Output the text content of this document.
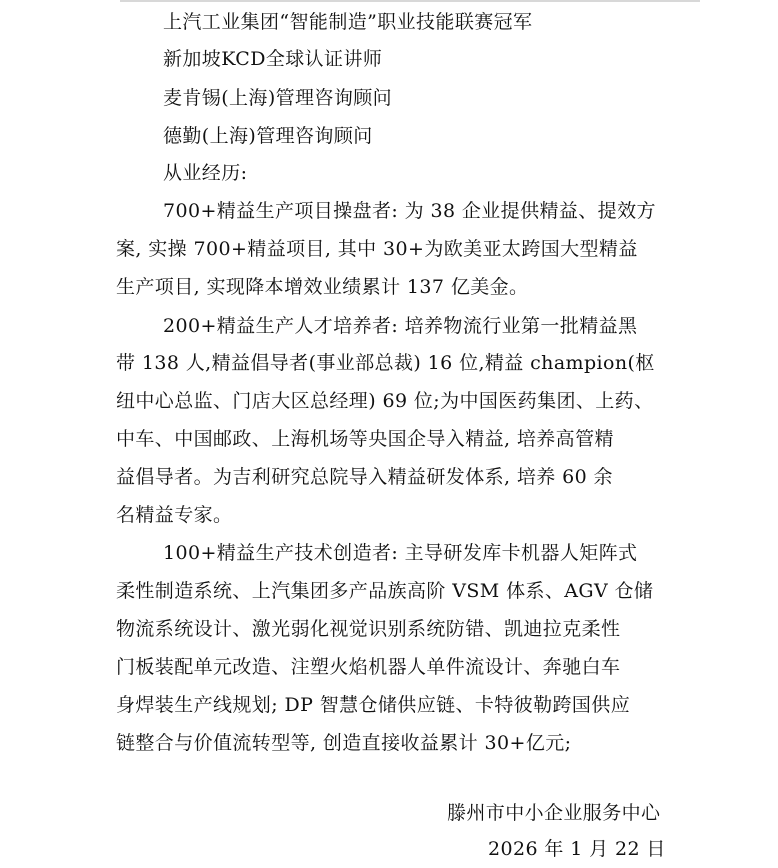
上汽工业集团“智能制造”职业技能联赛冠军
新加坡KCD全球认证讲师
麦肯锡(上海)管理咨询顾问
德勤(上海)管理咨询顾问
从业经历:
700+精益生产项目操盘者: 为 38 企业提供精益、提效方
案, 实操 700+精益项目, 其中 30+为欧美亚太跨国大型精益
生产项目, 实现降本增效业绩累计 137 亿美金。
200+精益生产人才培养者: 培养物流行业第一批精益黑
带 138 人,精益倡导者(事业部总裁) 16 位,精益 champion(枢
纽中心总监、门店大区总经理) 69 位;为中国医药集团、上药、
中车、中国邮政、上海机场等央国企导入精益, 培养高管精
益倡导者。为吉利研究总院导入精益研发体系, 培养 60 余
名精益专家。
100+精益生产技术创造者: 主导研发库卡机器人矩阵式
柔性制造系统、上汽集团多产品族高阶 VSM 体系、AGV 仓储
物流系统设计、激光弱化视觉识别系统防错、凯迪拉克柔性
门板装配单元改造、注塑火焰机器人单件流设计、奔驰白车
身焊装生产线规划; DP 智慧仓储供应链、卡特彼勒跨国供应
链整合与价值流转型等, 创造直接收益累计 30+亿元;
滕州市中小企业服务中心
2026 年 1 月 22 日
